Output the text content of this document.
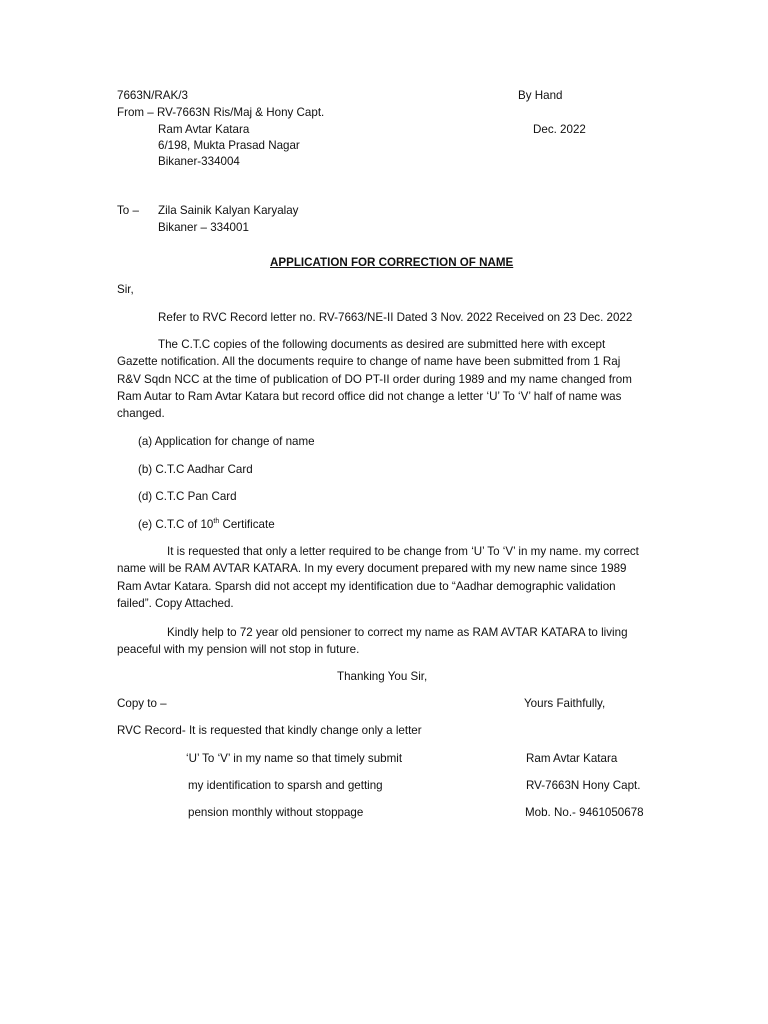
7663N/RAK/3	By Hand
From – RV-7663N Ris/Maj & Hony Capt.
Ram Avtar Katara	Dec. 2022
6/198, Mukta Prasad Nagar
Bikaner-334004
To – Zila Sainik Kalyan Karyalay
Bikaner – 334001
APPLICATION FOR CORRECTION OF NAME
Sir,
Refer to RVC Record letter no. RV-7663/NE-II Dated 3 Nov. 2022 Received on 23 Dec. 2022
The C.T.C copies of the following documents as desired are submitted here with except Gazette notification. All the documents require to change of name have been submitted from 1 Raj R&V Sqdn NCC at the time of publication of DO PT-II order during 1989 and my name changed from Ram Autar to Ram Avtar Katara but record office did not change a letter ‘U’ To ‘V’ half of name was changed.
(a) Application for change of name
(b) C.T.C Aadhar Card
(d) C.T.C Pan Card
(e) C.T.C of 10th Certificate
It is requested that only a letter required to be change from ‘U’ To ‘V’ in my name. my correct name will be RAM AVTAR KATARA. In my every document prepared with my new name since 1989 Ram Avtar Katara. Sparsh did not accept my identification due to “Aadhar demographic validation failed”. Copy Attached.
Kindly help to 72 year old pensioner to correct my name as RAM AVTAR KATARA to living peaceful with my pension will not stop in future.
Thanking You Sir,
Copy to –	Yours Faithfully,
RVC Record- It is requested that kindly change only a letter
‘U’ To ‘V’ in my name so that timely submit	Ram Avtar Katara
my identification to sparsh and getting	RV-7663N Hony Capt.
pension monthly without stoppage	Mob. No.- 9461050678
